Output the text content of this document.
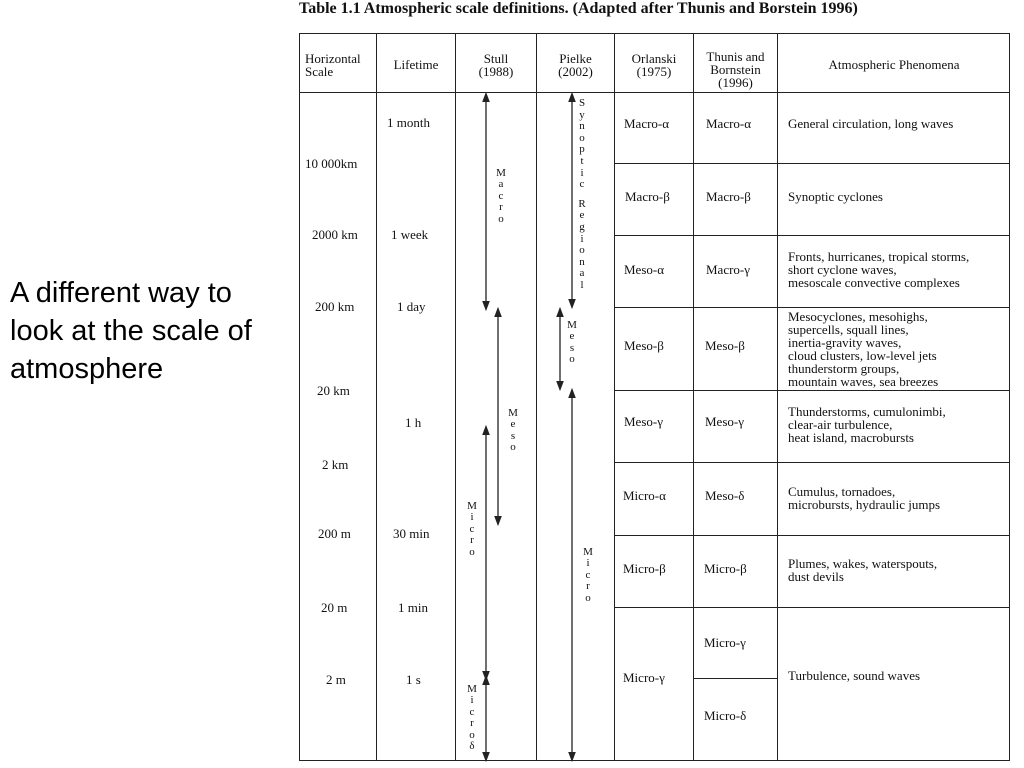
Table 1.1 Atmospheric scale definitions. (Adapted after Thunis and Borstein 1996)
A different way to
look at the scale of
atmosphere
Horizontal
Scale	Lifetime	Stull
(1988)
Pielke
(2002)
Orlanski
(1975)
Thunis and
Bornstein
(1996)
Atmospheric Phenomena
10 000km
2000 km
200 km
20 km
2 km
200 m
20 m
2 m
1 month
1 week
1 day
1 h
30 min
1 min
1 s
M
a
c
r
o
M
e
s
o
M
i
c
r
o
M
i
c
r
o
δ
S
y
n
o
p
t
i
c
R
e
g
i
o
n
a
l
M
e
s
o
M
i
c
r
o
Macro-α
Macro-β
Meso-α
Meso-β
Meso-γ
Micro-α
Micro-β
Micro-γ
Macro-α
Macro-β
Macro-γ
Meso-β
Meso-γ
Meso-δ
Micro-β
Micro-γ
Micro-δ
General circulation, long waves
Synoptic cyclones
Fronts, hurricanes, tropical storms,
short cyclone waves,
mesoscale convective complexes
Mesocyclones, mesohighs,
supercells, squall lines,
inertia-gravity waves,
cloud clusters, low-level jets
thunderstorm groups,
mountain waves, sea breezes
Thunderstorms, cumulonimbi,
clear-air turbulence,
heat island, macrobursts
Cumulus, tornadoes,
microbursts, hydraulic jumps
Plumes, wakes, waterspouts,
dust devils
Turbulence, sound waves
